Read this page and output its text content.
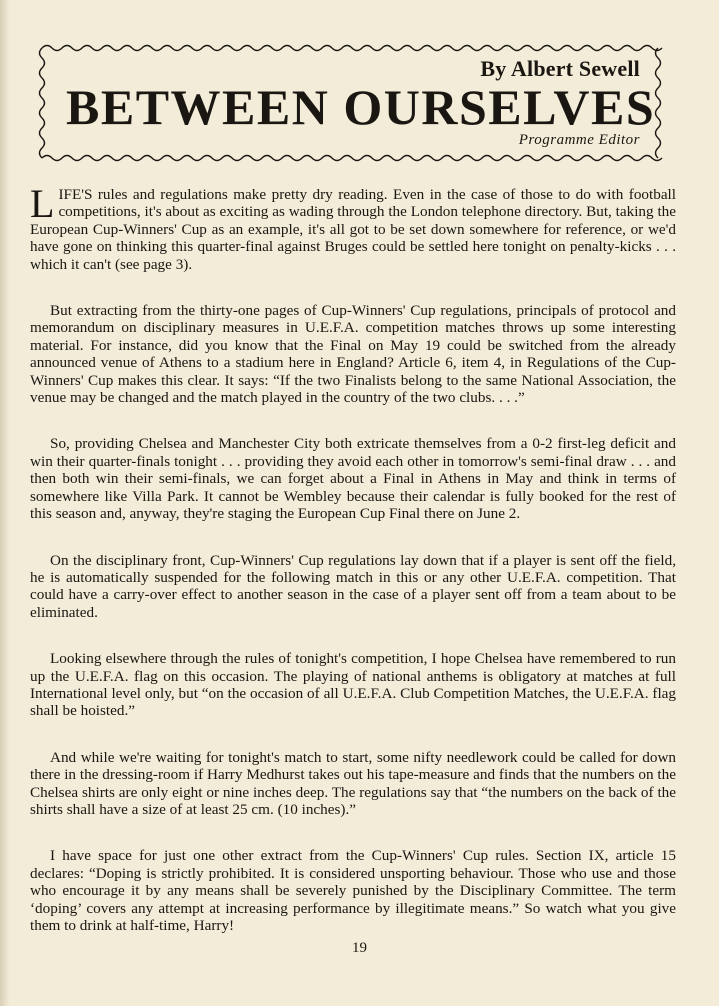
By Albert Sewell
BETWEEN OURSELVES
Programme Editor

LIFE'S rules and regulations make pretty dry reading. Even in the case of those to do with football competitions, it's about as exciting as wading through the London telephone directory. But, taking the European Cup-Winners' Cup as an example, it's all got to be set down somewhere for reference, or we'd have gone on thinking this quarter-final against Bruges could be settled here tonight on penalty-kicks . . . which it can't (see page 3).

But extracting from the thirty-one pages of Cup-Winners' Cup regulations, principals of protocol and memorandum on disciplinary measures in U.E.F.A. competition matches throws up some interesting material. For instance, did you know that the Final on May 19 could be switched from the already announced venue of Athens to a stadium here in England? Article 6, item 4, in Regulations of the Cup-Winners' Cup makes this clear. It says: “If the two Finalists belong to the same National Association, the venue may be changed and the match played in the country of the two clubs. . . .”

So, providing Chelsea and Manchester City both extricate themselves from a 0-2 first-leg deficit and win their quarter-finals tonight . . . providing they avoid each other in tomorrow's semi-final draw . . . and then both win their semi-finals, we can forget about a Final in Athens in May and think in terms of somewhere like Villa Park. It cannot be Wembley because their calendar is fully booked for the rest of this season and, anyway, they're staging the European Cup Final there on June 2.

On the disciplinary front, Cup-Winners' Cup regulations lay down that if a player is sent off the field, he is automatically suspended for the following match in this or any other U.E.F.A. competition. That could have a carry-over effect to another season in the case of a player sent off from a team about to be eliminated.

Looking elsewhere through the rules of tonight's competition, I hope Chelsea have remembered to run up the U.E.F.A. flag on this occasion. The playing of national anthems is obligatory at matches at full International level only, but “on the occasion of all U.E.F.A. Club Competition Matches, the U.E.F.A. flag shall be hoisted.”

And while we're waiting for tonight's match to start, some nifty needlework could be called for down there in the dressing-room if Harry Medhurst takes out his tape-measure and finds that the numbers on the Chelsea shirts are only eight or nine inches deep. The regulations say that “the numbers on the back of the shirts shall have a size of at least 25 cm. (10 inches).”

I have space for just one other extract from the Cup-Winners' Cup rules. Section IX, article 15 declares: “Doping is strictly prohibited. It is considered unsporting behaviour. Those who use and those who encourage it by any means shall be severely punished by the Disciplinary Committee. The term ‘doping’ covers any attempt at increasing performance by illegitimate means.” So watch what you give them to drink at half-time, Harry!

19
